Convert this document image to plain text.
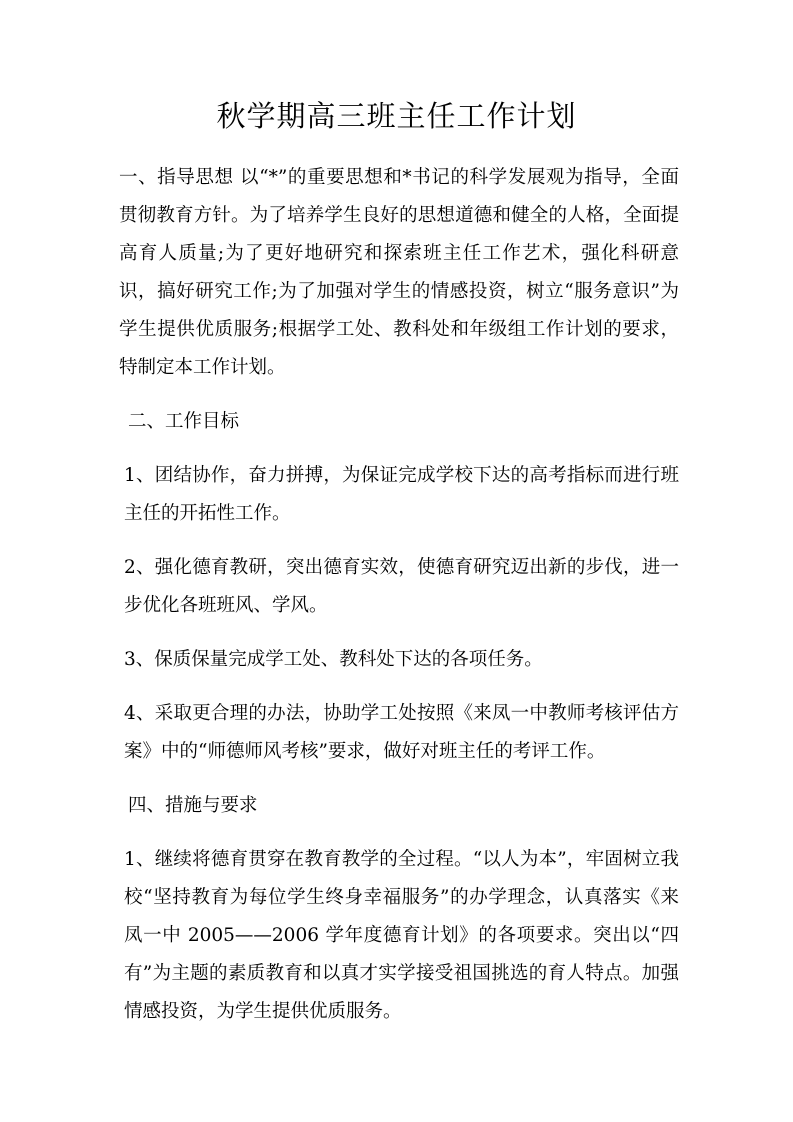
秋学期高三班主任工作计划

一、指导思想 以“*”的重要思想和*书记的科学发展观为指导，全面贯彻教育方针。为了培养学生良好的思想道德和健全的人格，全面提高育人质量;为了更好地研究和探索班主任工作艺术，强化科研意识，搞好研究工作;为了加强对学生的情感投资，树立“服务意识”为学生提供优质服务;根据学工处、教科处和年级组工作计划的要求，特制定本工作计划。

二、工作目标

1、团结协作，奋力拼搏，为保证完成学校下达的高考指标而进行班主任的开拓性工作。

2、强化德育教研，突出德育实效，使德育研究迈出新的步伐，进一步优化各班班风、学风。

3、保质保量完成学工处、教科处下达的各项任务。

4、采取更合理的办法，协助学工处按照《来凤一中教师考核评估方案》中的“师德师风考核”要求，做好对班主任的考评工作。

四、措施与要求

1、继续将德育贯穿在教育教学的全过程。“以人为本”，牢固树立我校“坚持教育为每位学生终身幸福服务”的办学理念，认真落实《来凤一中 2005——2006 学年度德育计划》的各项要求。突出以“四有”为主题的素质教育和以真才实学接受祖国挑选的育人特点。加强情感投资，为学生提供优质服务。
